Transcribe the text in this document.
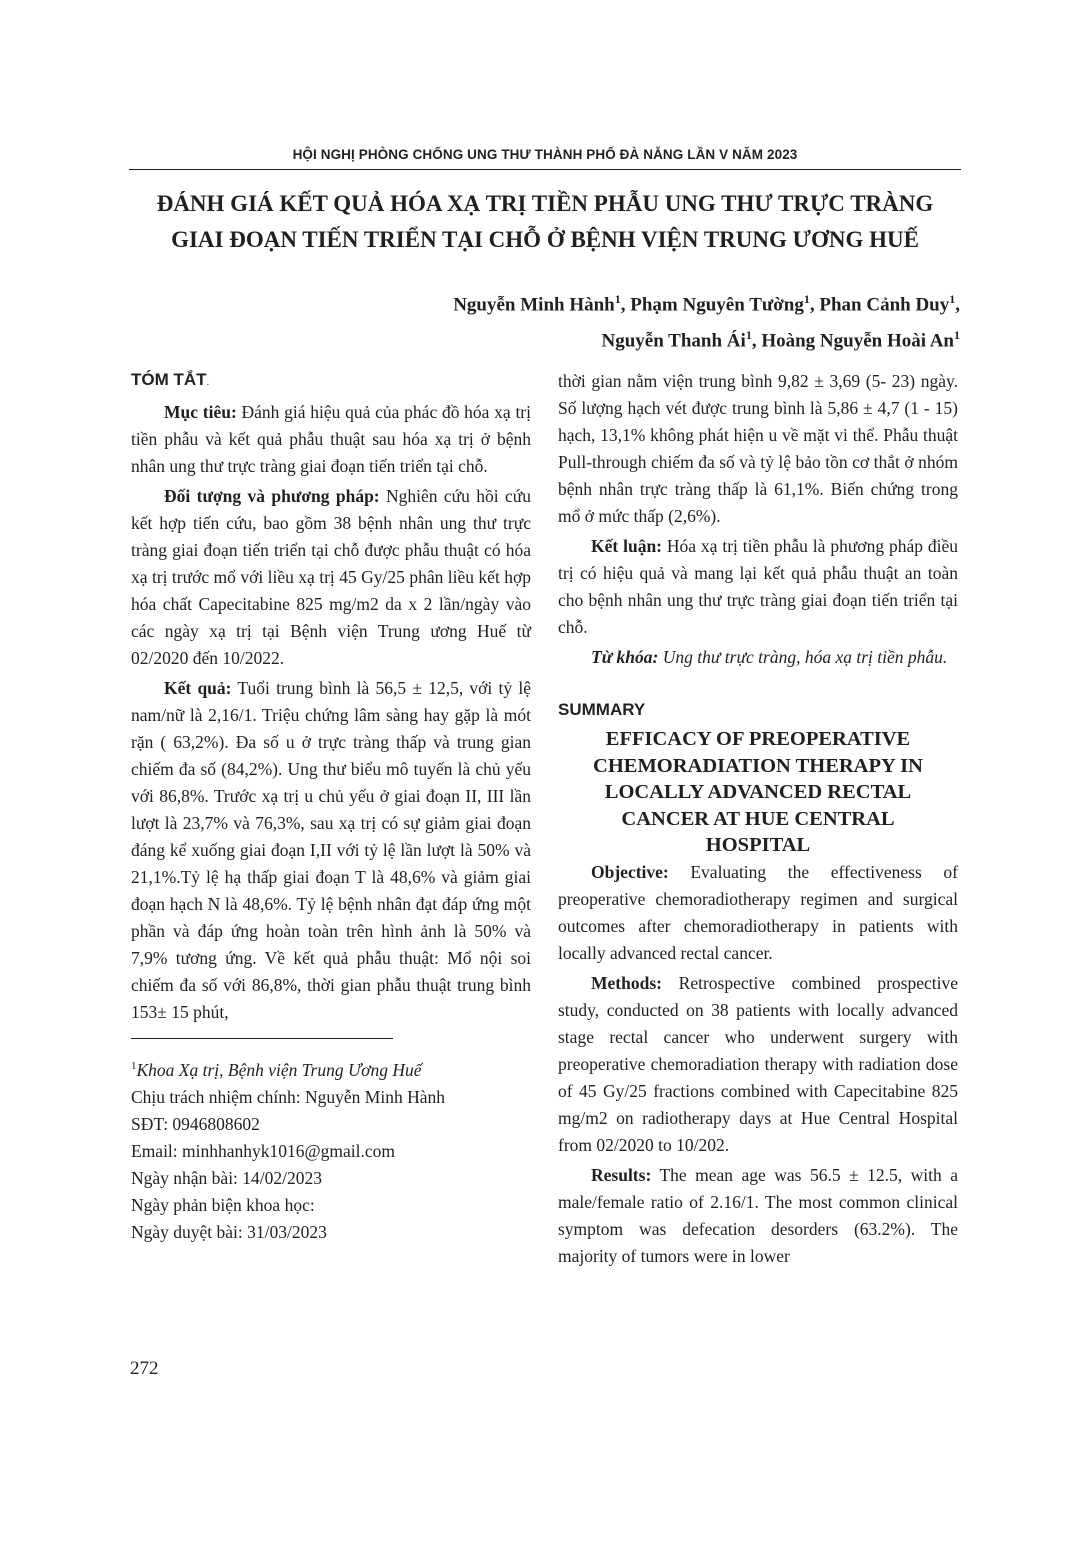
HỘI NGHỊ PHÒNG CHỐNG UNG THƯ THÀNH PHỐ ĐÀ NẴNG LẦN V NĂM 2023
ĐÁNH GIÁ KẾT QUẢ HÓA XẠ TRỊ TIỀN PHẪU UNG THƯ TRỰC TRÀNG
GIAI ĐOẠN TIẾN TRIỂN TẠI CHỖ Ở BỆNH VIỆN TRUNG ƯƠNG HUẾ
Nguyễn Minh Hành$^1$, Phạm Nguyên Tường$^1$, Phan Cảnh Duy$^1$,
Nguyễn Thanh $Ái^1$, Hoàng Nguyễn Hoài An$^1$
TÓM TẮT.

Mục tiêu: Đánh giá hiệu quả của phác đồ hóa xạ trị tiền phẫu và kết quả phẫu thuật sau hóa xạ trị ở bệnh nhân ung thư trực tràng giai đoạn tiến triển tại chỗ.

Đối tượng và phương pháp: Nghiên cứu hồi cứu kết hợp tiến cứu, bao gồm 38 bệnh nhân ung thư trực tràng giai đoạn tiến triển tại chỗ được phẫu thuật có hóa xạ trị trước mổ với liều xạ trị 45 Gy/25 phân liều kết hợp hóa chất Capecitabine 825 mg/m2 da x 2 lần/ngày vào các ngày xạ trị tại Bệnh viện Trung ương Huế từ 02/2020 đến 10/2022.

Kết quả: Tuổi trung bình là 56,5 ± 12,5, với tỷ lệ nam/nữ là 2,16/1. Triệu chứng lâm sàng hay gặp là mót rặn ( 63,2%). Đa số u ở trực tràng thấp và trung gian chiếm đa số (84,2%). Ung thư biểu mô tuyến là chủ yếu với 86,8%. Trước xạ trị u chủ yếu ở giai đoạn II, III lần lượt là 23,7% và 76,3%, sau xạ trị có sự giảm giai đoạn đáng kể xuống giai đoạn I,II với tỷ lệ lần lượt là 50% và 21,1%.Tỷ lệ hạ thấp giai đoạn T là 48,6% và giảm giai đoạn hạch N là 48,6%. Tỷ lệ bệnh nhân đạt đáp ứng một phần và đáp ứng hoàn toàn trên hình ảnh là 50% và 7,9% tương ứng. Về kết quả phẫu thuật: Mổ nội soi chiếm đa số với 86,8%, thời gian phẫu thuật trung bình 153± 15 phút,

$^1$Khoa Xạ trị, Bệnh viện Trung Ương Huế

Chịu trách nhiệm chính: Nguyễn Minh Hành

SĐT: 0946808602

Email: minhhanhyk1016@gmail.com

Ngày nhận bài: 14/02/2023

Ngày phản biện khoa học:

Ngày duyệt bài: 31/03/2023

thời gian nằm viện trung bình 9,82 ± 3,69 (5- 23) ngày. Số lượng hạch vét được trung bình là 5,86 ± 4,7 (1 - 15) hạch, 13,1% không phát hiện u về mặt vi thể. Phẫu thuật Pull-through chiếm đa số và tỷ lệ bảo tồn cơ thắt ở nhóm bệnh nhân trực tràng thấp là 61,1%. Biến chứng trong mổ ở mức thấp (2,6%).

Kết luận: Hóa xạ trị tiền phẫu là phương pháp điều trị có hiệu quả và mang lại kết quả phẫu thuật an toàn cho bệnh nhân ung thư trực tràng giai đoạn tiến triển tại chỗ.

Từ khóa: Ung thư trực tràng, hóa xạ trị tiền phẫu.

SUMMARY
EFFICACY OF PREOPERATIVE
CHEMORADIATION THERAPY IN
LOCALLY ADVANCED RECTAL
CANCER AT HUE CENTRAL
HOSPITAL

Objective: Evaluating the effectiveness of preoperative chemoradiotherapy regimen and surgical outcomes after chemoradiotherapy in patients with locally advanced rectal cancer.

Methods: Retrospective combined prospective study, conducted on 38 patients with locally advanced stage rectal cancer who underwent surgery with preoperative chemoradiation therapy with radiation dose of 45 Gy/25 fractions combined with Capecitabine 825 mg/m2 on radiotherapy days at Hue Central Hospital from 02/2020 to 10/202.

Results: The mean age was 56.5 ± 12.5, with a male/female ratio of 2.16/1. The most common clinical symptom was defecation desorders (63.2%). The majority of tumors were in lower

272
